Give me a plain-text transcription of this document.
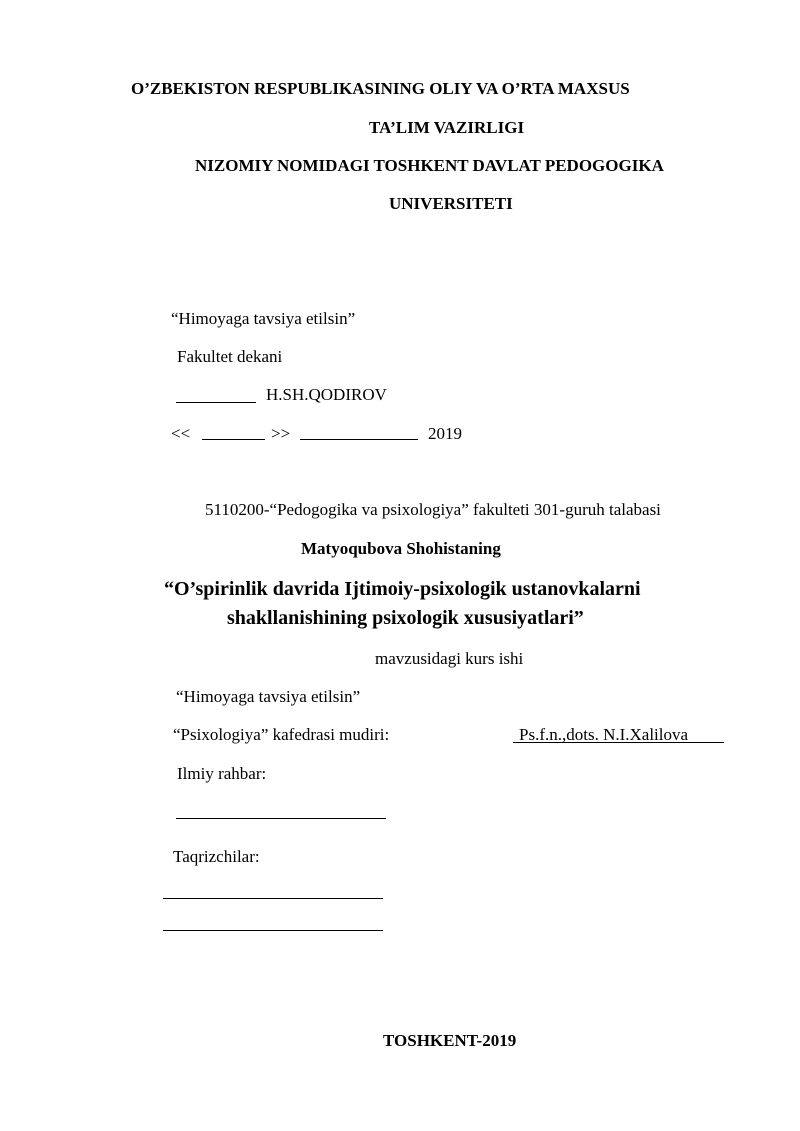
O’ZBEKISTON RESPUBLIKASINING OLIY VA O’RTA MAXSUS
TA’LIM VAZIRLIGI
NIZOMIY NOMIDAGI TOSHKENT DAVLAT PEDOGOGIKA
UNIVERSITETI
“Himoyaga tavsiya etilsin”
Fakultet dekani
H.SH.QODIROV
<<	>>	2019
5110200-“Pedogogika va psixologiya” fakulteti 301-guruh talabasi
Matyoqubova Shohistaning
“O’spirinlik davrida Ijtimoiy-psixologik ustanovkalarni
shakllanishining psixologik xususiyatlari”
mavzusidagi kurs ishi
“Himoyaga tavsiya etilsin”
“Psixologiya” kafedrasi mudiri:	Ps.f.n.,dots. N.I.Xalilova
Ilmiy rahbar:
Taqrizchilar:
TOSHKENT-2019
